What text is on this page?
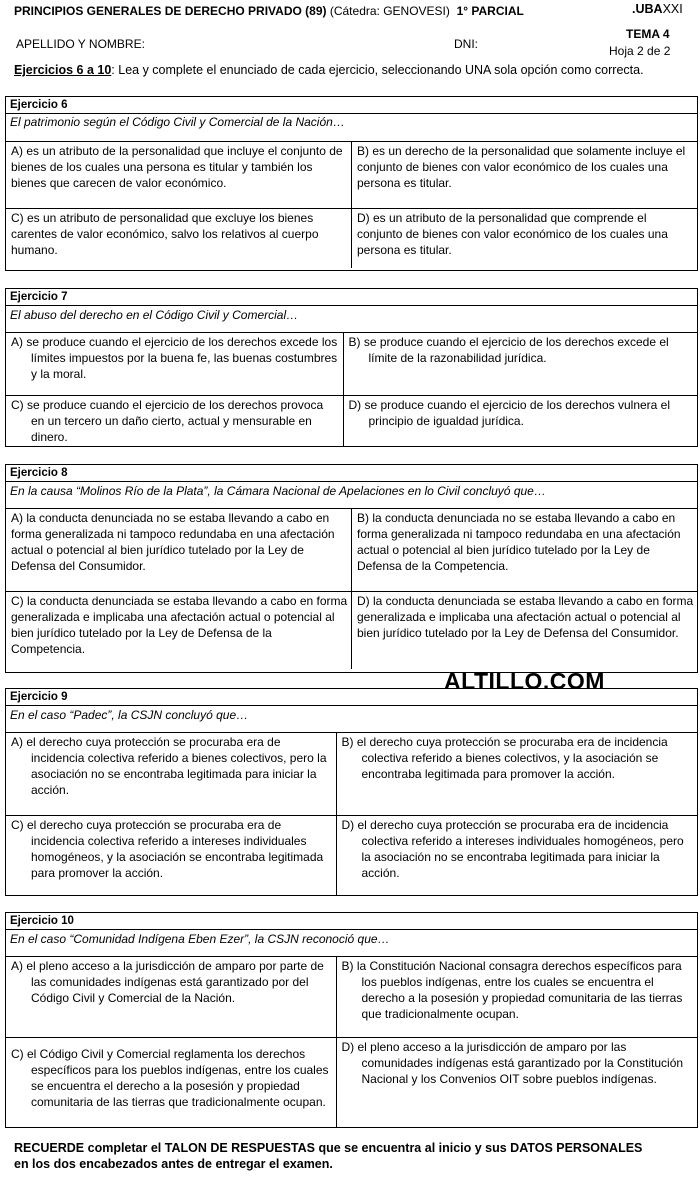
PRINCIPIOS GENERALES DE DERECHO PRIVADO (89) (Cátedra: GENOVESI) 1° PARCIAL	.UBAXXI
APELLIDO Y NOMBRE:	DNI:
TEMA 4
Hoja 2 de 2
Ejercicios 6 a 10: Lea y complete el enunciado de cada ejercicio, seleccionando UNA sola opción como correcta.
Ejercicio 6
El patrimonio según el Código Civil y Comercial de la Nación…
A) es un atributo de la personalidad que incluye el conjunto de bienes de los cuales una persona es titular y también los bienes que carecen de valor económico.	B) es un derecho de la personalidad que solamente incluye el conjunto de bienes con valor económico de los cuales una persona es titular.

C) es un atributo de personalidad que excluye los bienes carentes de valor económico, salvo los relativos al cuerpo humano.	D) es un atributo de la personalidad que comprende el conjunto de bienes con valor económico de los cuales una persona es titular.
Ejercicio 7
El abuso del derecho en el Código Civil y Comercial…
A) se produce cuando el ejercicio de los derechos excede los límites impuestos por la buena fe, las buenas costumbres y la moral.	B) se produce cuando el ejercicio de los derechos excede el límite de la razonabilidad jurídica.

C) se produce cuando el ejercicio de los derechos provoca en un tercero un daño cierto, actual y mensurable en dinero.	D) se produce cuando el ejercicio de los derechos vulnera el principio de igualdad jurídica.
Ejercicio 8
En la causa “Molinos Río de la Plata”, la Cámara Nacional de Apelaciones en lo Civil concluyó que…
A) la conducta denunciada no se estaba llevando a cabo en forma generalizada ni tampoco redundaba en una afectación actual o potencial al bien jurídico tutelado por la Ley de Defensa del Consumidor.	B) la conducta denunciada no se estaba llevando a cabo en forma generalizada ni tampoco redundaba en una afectación actual o potencial al bien jurídico tutelado por la Ley de Defensa de la Competencia.

C) la conducta denunciada se estaba llevando a cabo en forma generalizada e implicaba una afectación actual o potencial al bien jurídico tutelado por la Ley de Defensa de la Competencia.	D) la conducta denunciada se estaba llevando a cabo en forma generalizada e implicaba una afectación actual o potencial al bien jurídico tutelado por la Ley de Defensa del Consumidor.
ALTILLO.COM
Ejercicio 9
En el caso “Padec”, la CSJN concluyó que…
A) el derecho cuya protección se procuraba era de incidencia colectiva referido a bienes colectivos, pero la asociación no se encontraba legitimada para iniciar la acción.	B) el derecho cuya protección se procuraba era de incidencia colectiva referido a bienes colectivos, y la asociación se encontraba legitimada para promover la acción.

C) el derecho cuya protección se procuraba era de incidencia colectiva referido a intereses individuales homogéneos, y la asociación se encontraba legitimada para promover la acción.	D) el derecho cuya protección se procuraba era de incidencia colectiva referido a intereses individuales homogéneos, pero la asociación no se encontraba legitimada para iniciar la acción.
Ejercicio 10
En el caso “Comunidad Indígena Eben Ezer”, la CSJN reconoció que…
A) el pleno acceso a la jurisdicción de amparo por parte de las comunidades indígenas está garantizado por del Código Civil y Comercial de la Nación.	B) la Constitución Nacional consagra derechos específicos para los pueblos indígenas, entre los cuales se encuentra el derecho a la posesión y propiedad comunitaria de las tierras que tradicionalmente ocupan.

C) el Código Civil y Comercial reglamenta los derechos específicos para los pueblos indígenas, entre los cuales se encuentra el derecho a la posesión y propiedad comunitaria de las tierras que tradicionalmente ocupan.	D) el pleno acceso a la jurisdicción de amparo por las comunidades indígenas está garantizado por la Constitución Nacional y los Convenios OIT sobre pueblos indígenas.
RECUERDE completar el TALON DE RESPUESTAS que se encuentra al inicio y sus DATOS PERSONALES en los dos encabezados antes de entregar el examen.
